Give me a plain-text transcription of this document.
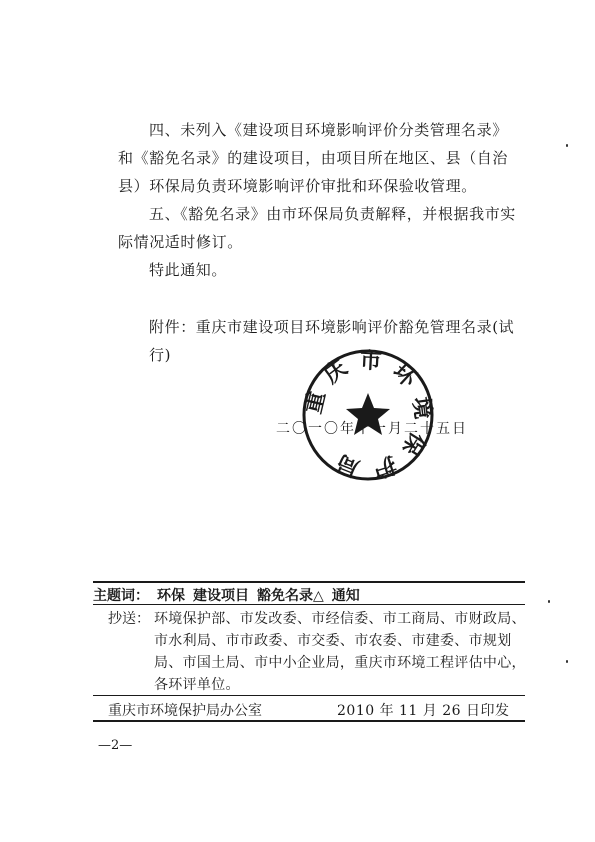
四、未列入《建设项目环境影响评价分类管理名录》和《豁免名录》的建设项目，由项目所在地区、县（自治县）环保局负责环境影响评价审批和环保验收管理。

五、《豁免名录》由市环保局负责解释，并根据我市实际情况适时修订。

特此通知。

附件：重庆市建设项目环境影响评价豁免管理名录(试行)

二〇一〇年十一月二十五日
重庆市环境保护局
主题词： 环保 建设项目 豁免名录△ 通知
抄送： 环境保护部、市发改委、市经信委、市工商局、市财政局、市水利局、市市政委、市交委、市农委、市建委、市规划局、市国土局、市中小企业局，重庆市环境工程评估中心，各环评单位。
重庆市环境保护局办公室	2010 年 11 月 26 日印发
—2—
